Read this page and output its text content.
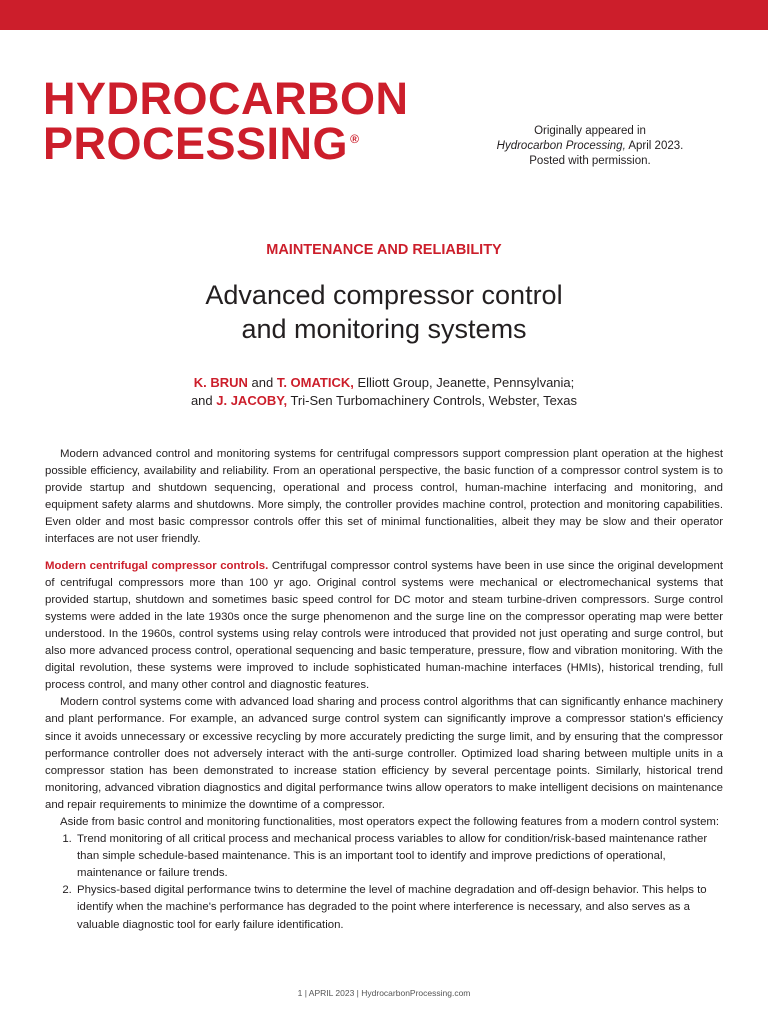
HYDROCARBON
PROCESSING ®
Originally appeared in
Hydrocarbon Processing, April 2023.
Posted with permission.
MAINTENANCE AND RELIABILITY
Advanced compressor control
and monitoring systems
K. BRUN and T. OMATICK, Elliott Group, Jeanette, Pennsylvania;
and J. JACOBY, Tri-Sen Turbomachinery Controls, Webster, Texas

Modern advanced control and monitoring systems for centrifugal compressors support compression plant operation at the highest possible efficiency, availability and reliability. From an operational perspective, the basic function of a compressor control system is to provide startup and shutdown sequencing, operational and process control, human-machine interfacing and monitoring, and equipment safety alarms and shutdowns. More simply, the controller provides machine control, protection and monitoring capabilities. Even older and most basic compressor controls offer this set of minimal functionalities, albeit they may be slow and their operator interfaces are not user friendly.

Modern centrifugal compressor controls. Centrifugal compressor control systems have been in use since the original development of centrifugal compressors more than 100 yr ago. Original control systems were mechanical or electromechanical systems that provided startup, shutdown and sometimes basic speed control for DC motor and steam turbine-driven compressors. Surge control systems were added in the late 1930s once the surge phenomenon and the surge line on the compressor operating map were better understood. In the 1960s, control systems using relay controls were introduced that provided not just operating and surge control, but also more advanced process control, operational sequencing and basic temperature, pressure, flow and vibration monitoring. With the digital revolution, these systems were improved to include sophisticated human-machine interfaces (HMIs), historical trending, full process control, and many other control and diagnostic features.

Modern control systems come with advanced load sharing and process control algorithms that can significantly enhance machinery and plant performance. For example, an advanced surge control system can significantly improve a compressor station's efficiency since it avoids unnecessary or excessive recycling by more accurately predicting the surge limit, and by ensuring that the compressor performance controller does not adversely interact with the anti-surge controller. Optimized load sharing between multiple units in a compressor station has been demonstrated to increase station efficiency by several percentage points. Similarly, historical trend monitoring, advanced vibration diagnostics and digital performance twins allow operators to make intelligent decisions on maintenance and repair requirements to minimize the downtime of a compressor.

Aside from basic control and monitoring functionalities, most operators expect the following features from a modern control system:

1. Trend monitoring of all critical process and mechanical process variables to allow for condition/risk-based maintenance rather than simple schedule-based maintenance. This is an important tool to identify and improve predictions of operational, maintenance or failure trends.
2. Physics-based digital performance twins to determine the level of machine degradation and off-design behavior. This helps to identify when the machine's performance has degraded to the point where interference is necessary, and also serves as a valuable diagnostic tool for early failure identification.
1 | APRIL 2023 | HydrocarbonProcessing.com
